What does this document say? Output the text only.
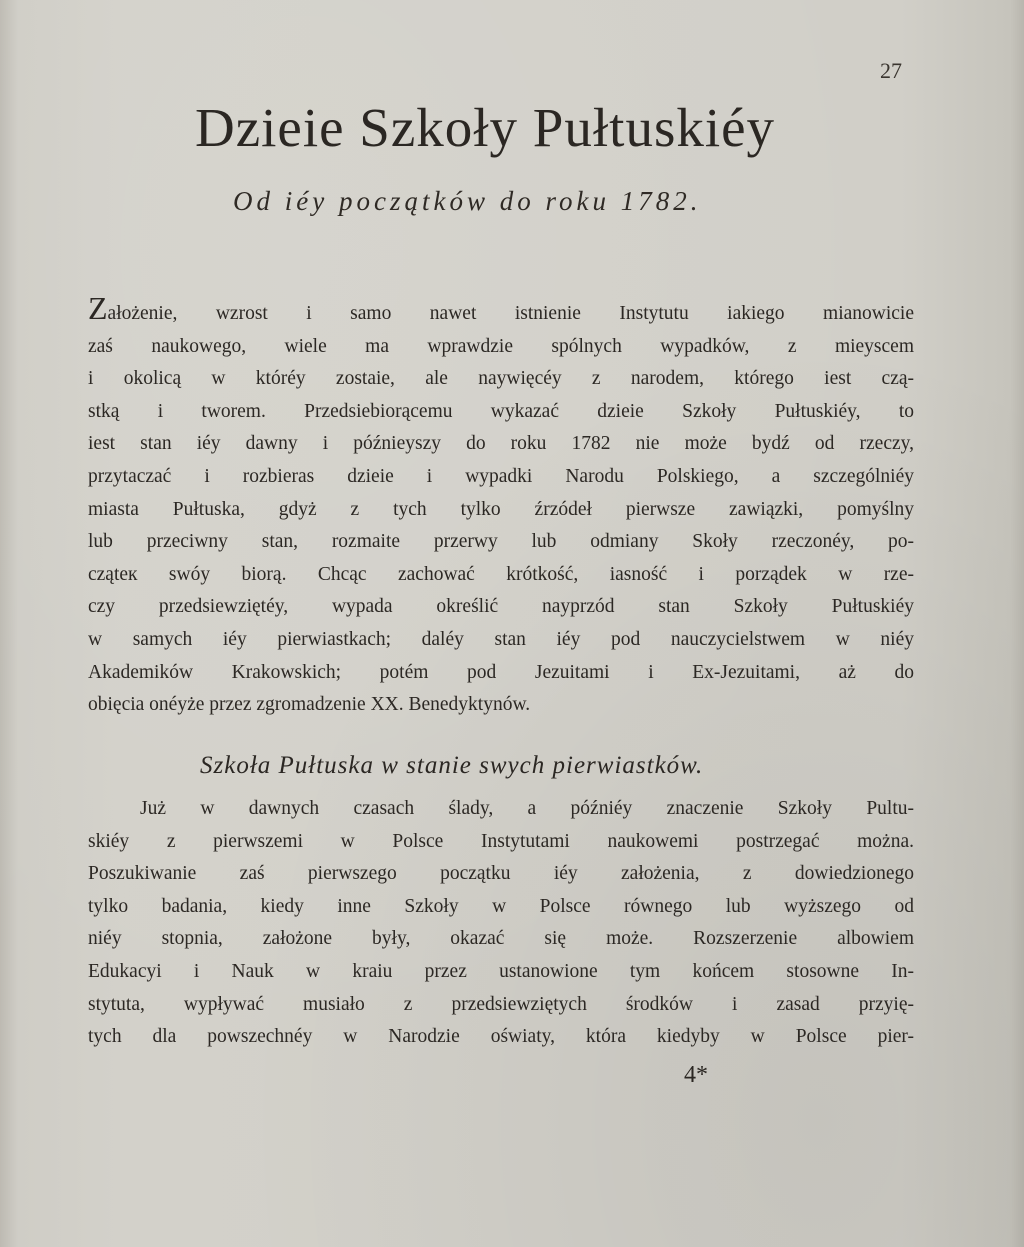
27
Dzieie Szkoły Pułtuskiéy
Od iéy początków do roku 1782.
Założenie, wzrost i samo nawet istnienie Instytutu iakiego mianowicie
zaś naukowego, wiele ma wprawdzie spólnych wypadków, z mieyscem
i okolicą w któréy zostaie, ale naywięcéy z narodem, którego iest czą-
stką i tworem. Przedsiebiorącemu wykazać dzieie Szkoły Pułtuskiéy, to
iest stan iéy dawny i późnieyszy do roku 1782 nie może bydź od rzeczy,
przytaczać i rozbieras dzieie i wypadki Narodu Polskiego, a szczególniéy
miasta Pułtuska, gdyż z tych tylko źrzódeł pierwsze zawiązki, pomyślny
lub przeciwny stan, rozmaite przerwy lub odmiany Skoły rzeczonéy, po-
cząteк swóy biorą. Chcąc zachować krótkość, iasność i porządek w rze-
czy przedsiewziętéy, wypada określić nayprzód stan Szkoły Pułtuskiéy
w samych iéy pierwiastkach; daléy stan iéy pod nauczycielstwem w niéy
Akademików Krakowskich; potém pod Jezuitami i Ex-Jezuitami, aż do
obięcia onéyże przez zgromadzenie XX. Benedyktynów.
Szkoła Pułtuska w stanie swych pierwiastków.
Już w dawnych czasach ślady, a późniéy znaczenie Szkoły Pultu-
skiéy z pierwszemi w Polsce Instytutami naukowemi postrzegać można.
Poszukiwanie zaś pierwszego początku iéy założenia, z dowiedzionego
tylko badania, kiedy inne Szkoły w Polsce równego lub wyższego od
niéy stopnia, założone były, okazać się może. Rozszerzenie albowiem
Edukacyi i Nauk w kraiu przez ustanowione tym końcem stosowne In-
stytuta, wypływać musiało z przedsiewziętych środków i zasad przyię-
tych dla powszechnéy w Narodzie oświaty, która kiedyby w Polsce pier-
4*
